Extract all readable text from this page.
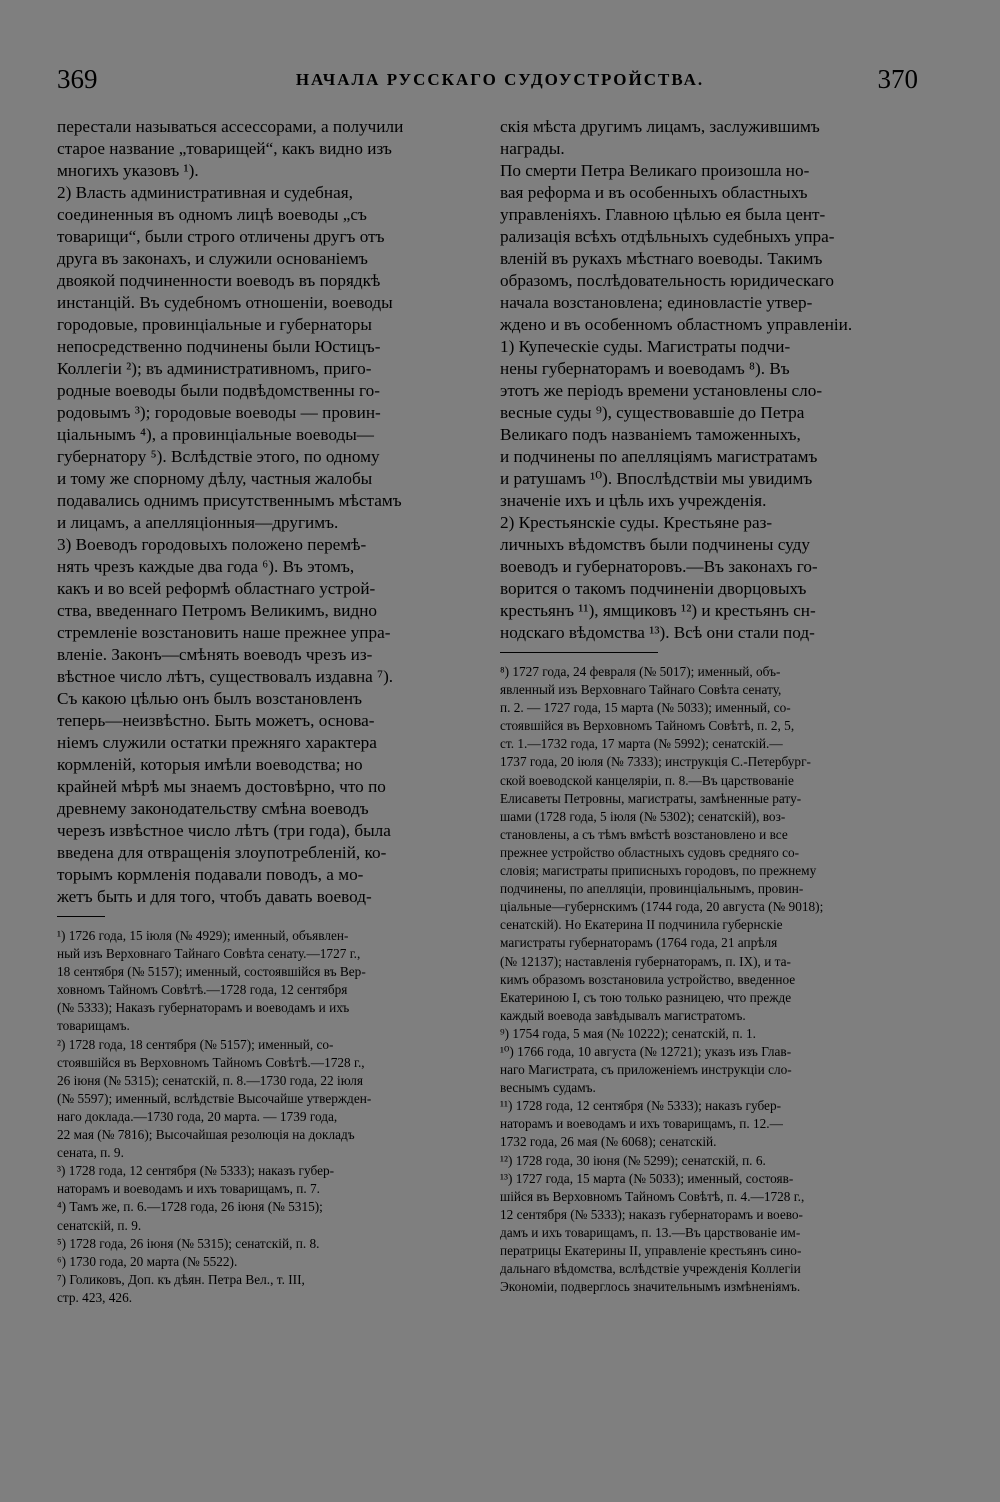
369	НАЧАЛА РУССКАГО СУДОУСТРОЙСТВА.	370
перестали называться ассессорами, а получили
старое название „товарищей“, какъ видно изъ
многихъ указовъ ¹).
2) Власть административная и судебная,
соединенныя въ одномъ лицѣ воеводы „съ
товарищи“, были строго отличены другъ отъ
друга въ законахъ, и служили основаніемъ
двоякой подчиненности воеводъ въ порядкѣ
инстанцій. Въ судебномъ отношеніи, воеводы
городовые, провинціальные и губернаторы
непосредственно подчинены были Юстицъ-
Коллегіи ²); въ административномъ, приго-
родные воеводы были подвѣдомственны го-
родовымъ ³); городовые воеводы — провин-
ціальнымъ ⁴), а провинціальные воеводы—
губернатору ⁵). Вслѣдствіе этого, по одному
и тому же спорному дѣлу, частныя жалобы
подавались однимъ присутственнымъ мѣстамъ
и лицамъ, а апелляціонныя—другимъ.
3) Воеводъ городовыхъ положено перемѣ-
нять чрезъ каждые два года ⁶). Въ этомъ,
какъ и во всей реформѣ областнаго устрой-
ства, введеннаго Петромъ Великимъ, видно
стремленіе возстановить наше прежнее упра-
вленіе. Законъ—смѣнять воеводъ чрезъ из-
вѣстное число лѣтъ, существовалъ издавна ⁷).
Съ какою цѣлью онъ былъ возстановленъ
теперь—неизвѣстно. Быть можетъ, основа-
ніемъ служили остатки прежняго характера
кормленій, которыя имѣли воеводства; но
крайней мѣрѣ мы знаемъ достовѣрно, что по
древнему законодательству смѣна воеводъ
черезъ извѣстное число лѣтъ (три года), была
введена для отвращенія злоупотребленій, ко-
торымъ кормленія подавали поводъ, а мо-
жетъ быть и для того, чтобъ давать воевод-
¹) 1726 года, 15 іюля (№ 4929); именный, объявлен-
ный изъ Верховнаго Тайнаго Совѣта сенату.—1727 г.,
18 сентября (№ 5157); именный, состоявшійся въ Вер-
ховномъ Тайномъ Совѣтѣ.—1728 года, 12 сентября
(№ 5333); Наказъ губернаторамъ и воеводамъ и ихъ
товарищамъ.
²) 1728 года, 18 сентября (№ 5157); именный, со-
стоявшійся въ Верховномъ Тайномъ Совѣтѣ.—1728 г.,
26 іюня (№ 5315); сенатскій, п. 8.—1730 года, 22 іюля
(№ 5597); именный, вслѣдствіе Высочайше утвержден-
наго доклада.—1730 года, 20 марта. — 1739 года,
22 мая (№ 7816); Высочайшая резолюція на докладъ
сената, п. 9.
³) 1728 года, 12 сентября (№ 5333); наказъ губер-
наторамъ и воеводамъ и ихъ товарищамъ, п. 7.
⁴) Тамъ же, п. 6.—1728 года, 26 іюня (№ 5315);
сенатскій, п. 9.
⁵) 1728 года, 26 іюня (№ 5315); сенатскій, п. 8.
⁶) 1730 года, 20 марта (№ 5522).
⁷) Голиковъ, Доп. къ дѣян. Петра Вел., т. III,
стр. 423, 426.
скія мѣста другимъ лицамъ, заслужившимъ
награды.
По смерти Петра Великаго произошла но-
вая реформа и въ особенныхъ областныхъ
управленіяхъ. Главною цѣлью ея была цент-
рализація всѣхъ отдѣльныхъ судебныхъ упра-
вленій въ рукахъ мѣстнаго воеводы. Такимъ
образомъ, послѣдовательность юридическаго
начала возстановлена; единовластіе утвер-
ждено и въ особенномъ областномъ управленіи.
1) Купеческіе суды. Магистраты подчи-
нены губернаторамъ и воеводамъ ⁸). Въ
этотъ же періодъ времени установлены сло-
весные суды ⁹), существовавшіе до Петра
Великаго подъ названіемъ таможенныхъ,
и подчинены по апелляціямъ магистратамъ
и ратушамъ ¹⁰). Впослѣдствіи мы увидимъ
значеніе ихъ и цѣль ихъ учрежденія.
2) Крестьянскіе суды. Крестьяне раз-
личныхъ вѣдомствъ были подчинены суду
воеводъ и губернаторовъ.—Въ законахъ го-
ворится о такомъ подчиненіи дворцовыхъ
крестьянъ ¹¹), ямщиковъ ¹²) и крестьянъ сн-
нодскаго вѣдомства ¹³). Всѣ они стали под-
⁸) 1727 года, 24 февраля (№ 5017); именный, объ-
явленный изъ Верховнаго Тайнаго Совѣта сенату,
п. 2. — 1727 года, 15 марта (№ 5033); именный, со-
стоявшійся въ Верховномъ Тайномъ Совѣтѣ, п. 2, 5,
ст. 1.—1732 года, 17 марта (№ 5992); сенатскій.—
1737 года, 20 іюля (№ 7333); инструкція С.-Петербург-
ской воеводской канцеляріи, п. 8.—Въ царствованіе
Елисаветы Петровны, магистраты, замѣненные рату-
шами (1728 года, 5 іюля (№ 5302); сенатскій), воз-
становлены, а съ тѣмъ вмѣстѣ возстановлено и все
прежнее устройство областныхъ судовъ средняго со-
словія; магистраты приписныхъ городовъ, по прежнему
подчинены, по апелляціи, провинціальнымъ, провин-
ціальные—губернскимъ (1744 года, 20 августа (№ 9018);
сенатскій). Но Екатерина II подчинила губернскіе
магистраты губернаторамъ (1764 года, 21 апрѣля
(№ 12137); наставленія губернаторамъ, п. IX), и та-
кимъ образомъ возстановила устройство, введенное
Екатериною I, съ тою только разницею, что прежде
каждый воевода завѣдывалъ магистратомъ.
⁹) 1754 года, 5 мая (№ 10222); сенатскій, п. 1.
¹⁰) 1766 года, 10 августа (№ 12721); указъ изъ Глав-
наго Магистрата, съ приложеніемъ инструкціи сло-
веснымъ судамъ.
¹¹) 1728 года, 12 сентября (№ 5333); наказъ губер-
наторамъ и воеводамъ и ихъ товарищамъ, п. 12.—
1732 года, 26 мая (№ 6068); сенатскій.
¹²) 1728 года, 30 іюня (№ 5299); сенатскій, п. 6.
¹³) 1727 года, 15 марта (№ 5033); именный, состояв-
шійся въ Верховномъ Тайномъ Совѣтѣ, п. 4.—1728 г.,
12 сентября (№ 5333); наказъ губернаторамъ и воево-
дамъ и ихъ товарищамъ, п. 13.—Въ царствованіе им-
ператрицы Екатерины II, управленіе крестьянъ сино-
дальнаго вѣдомства, вслѣдствіе учрежденія Коллегіи
Экономіи, подверглось значительнымъ измѣненіямъ.
